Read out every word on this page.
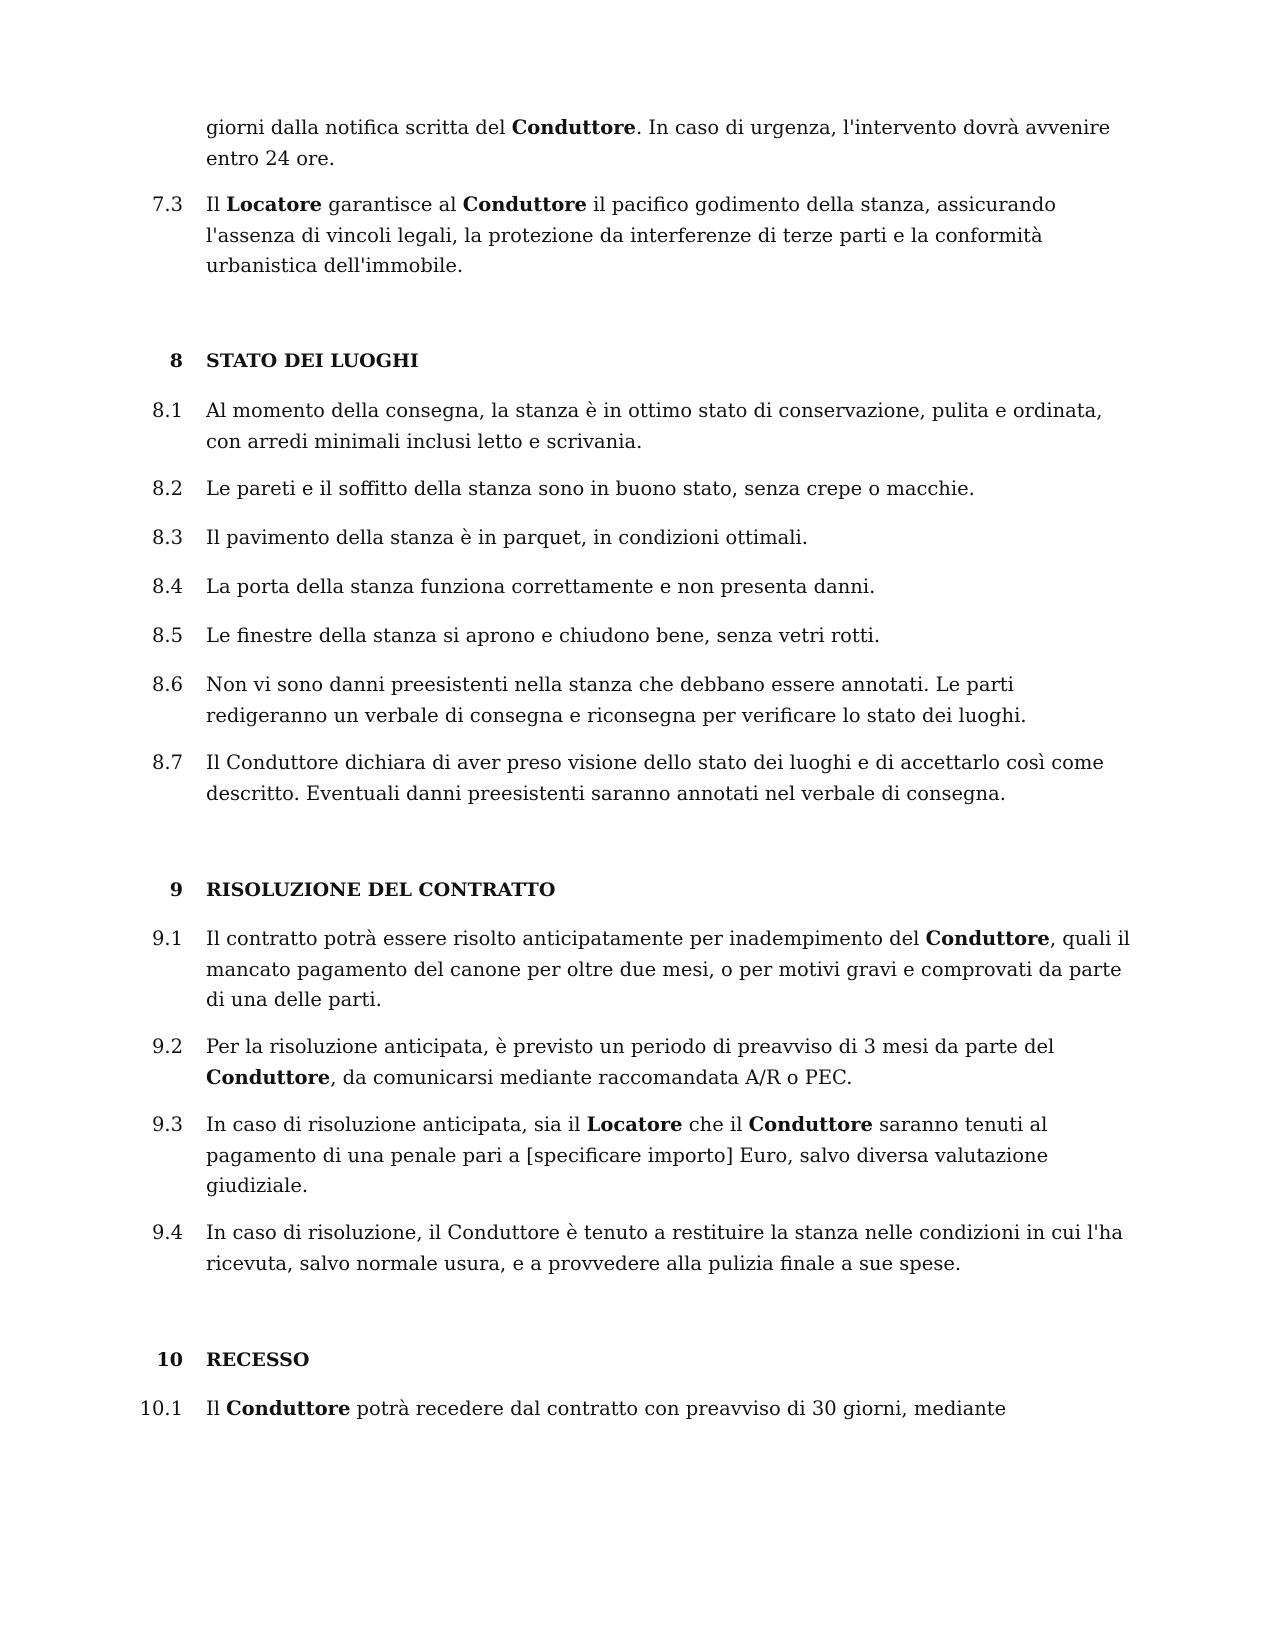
giorni dalla notifica scritta del Conduttore. In caso di urgenza, l'intervento dovrà avvenire entro 24 ore.
7.3 Il Locatore garantisce al Conduttore il pacifico godimento della stanza, assicurando l'assenza di vincoli legali, la protezione da interferenze di terze parti e la conformità urbanistica dell'immobile.
8 STATO DEI LUOGHI
8.1 Al momento della consegna, la stanza è in ottimo stato di conservazione, pulita e ordinata, con arredi minimali inclusi letto e scrivania.
8.2 Le pareti e il soffitto della stanza sono in buono stato, senza crepe o macchie.
8.3 Il pavimento della stanza è in parquet, in condizioni ottimali.
8.4 La porta della stanza funziona correttamente e non presenta danni.
8.5 Le finestre della stanza si aprono e chiudono bene, senza vetri rotti.
8.6 Non vi sono danni preesistenti nella stanza che debbano essere annotati. Le parti redigeranno un verbale di consegna e riconsegna per verificare lo stato dei luoghi.
8.7 Il Conduttore dichiara di aver preso visione dello stato dei luoghi e di accettarlo così come descritto. Eventuali danni preesistenti saranno annotati nel verbale di consegna.
9 RISOLUZIONE DEL CONTRATTO
9.1 Il contratto potrà essere risolto anticipatamente per inadempimento del Conduttore, quali il mancato pagamento del canone per oltre due mesi, o per motivi gravi e comprovati da parte di una delle parti.
9.2 Per la risoluzione anticipata, è previsto un periodo di preavviso di 3 mesi da parte del Conduttore, da comunicarsi mediante raccomandata A/R o PEC.
9.3 In caso di risoluzione anticipata, sia il Locatore che il Conduttore saranno tenuti al pagamento di una penale pari a [specificare importo] Euro, salvo diversa valutazione giudiziale.
9.4 In caso di risoluzione, il Conduttore è tenuto a restituire la stanza nelle condizioni in cui l'ha ricevuta, salvo normale usura, e a provvedere alla pulizia finale a sue spese.
10 RECESSO
10.1 Il Conduttore potrà recedere dal contratto con preavviso di 30 giorni, mediante
